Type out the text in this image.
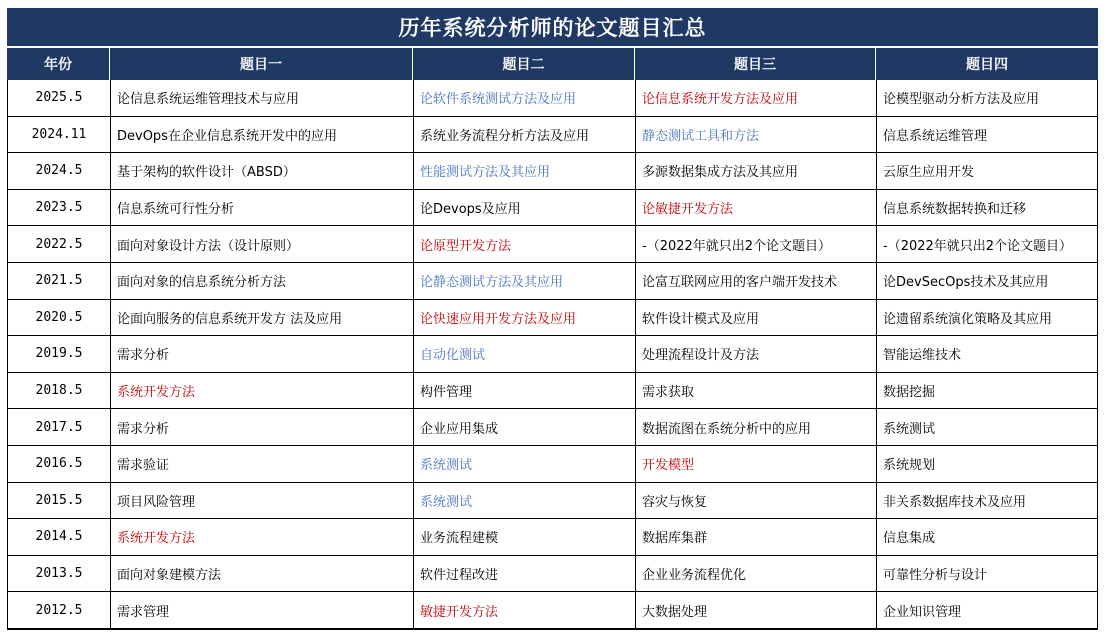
历年系统分析师的论文题目汇总
年份	题目一	题目二	题目三	题目四
2025.5	论信息系统运维管理技术与应用	论软件系统测试方法及应用	论信息系统开发方法及应用	论模型驱动分析方法及应用
2024.11	DevOps在企业信息系统开发中的应用	系统业务流程分析方法及应用	静态测试工具和方法	信息系统运维管理
2024.5	基于架构的软件设计（ABSD）	性能测试方法及其应用	多源数据集成方法及其应用	云原生应用开发
2023.5	信息系统可行性分析	论Devops及应用	论敏捷开发方法	信息系统数据转换和迁移
2022.5	面向对象设计方法（设计原则）	论原型开发方法	-（2022年就只出2个论文题目）	-（2022年就只出2个论文题目）
2021.5	面向对象的信息系统分析方法	论静态测试方法及其应用	论富互联网应用的客户端开发技术	论DevSecOps技术及其应用
2020.5	论面向服务的信息系统开发方 法及应用	论快速应用开发方法及应用	软件设计模式及应用	论遗留系统演化策略及其应用
2019.5	需求分析	自动化测试	处理流程设计及方法	智能运维技术
2018.5	系统开发方法	构件管理	需求获取	数据挖掘
2017.5	需求分析	企业应用集成	数据流图在系统分析中的应用	系统测试
2016.5	需求验证	系统测试	开发模型	系统规划
2015.5	项目风险管理	系统测试	容灾与恢复	非关系数据库技术及应用
2014.5	系统开发方法	业务流程建模	数据库集群	信息集成
2013.5	面向对象建模方法	软件过程改进	企业业务流程优化	可靠性分析与设计
2012.5	需求管理	敏捷开发方法	大数据处理	企业知识管理
